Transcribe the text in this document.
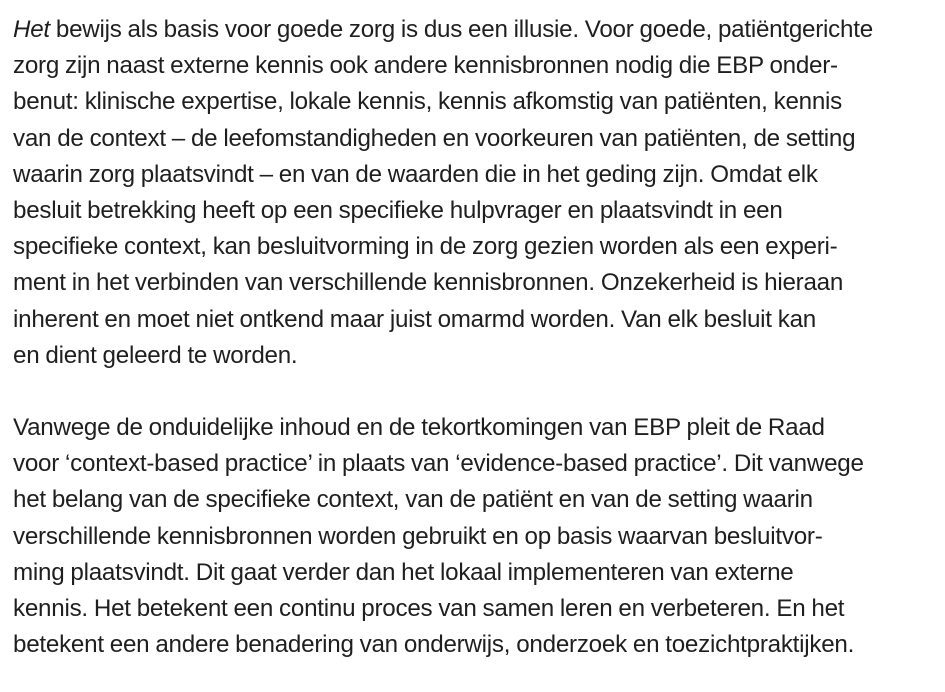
Het bewijs als basis voor goede zorg is dus een illusie. Voor goede, patiëntgerichte
zorg zijn naast externe kennis ook andere kennisbronnen nodig die EBP onder-
benut: klinische expertise, lokale kennis, kennis afkomstig van patiënten, kennis
van de context – de leefomstandigheden en voorkeuren van patiënten, de setting
waarin zorg plaatsvindt – en van de waarden die in het geding zijn. Omdat elk
besluit betrekking heeft op een specifieke hulpvrager en plaatsvindt in een
specifieke context, kan besluitvorming in de zorg gezien worden als een experi-
ment in het verbinden van verschillende kennisbronnen. Onzekerheid is hieraan
inherent en moet niet ontkend maar juist omarmd worden. Van elk besluit kan
en dient geleerd te worden.
Vanwege de onduidelijke inhoud en de tekortkomingen van EBP pleit de Raad
voor ‘context-based practice’ in plaats van ‘evidence-based practice’. Dit vanwege
het belang van de specifieke context, van de patiënt en van de setting waarin
verschillende kennisbronnen worden gebruikt en op basis waarvan besluitvor-
ming plaatsvindt. Dit gaat verder dan het lokaal implementeren van externe
kennis. Het betekent een continu proces van samen leren en verbeteren. En het
betekent een andere benadering van onderwijs, onderzoek en toezichtpraktijken.
